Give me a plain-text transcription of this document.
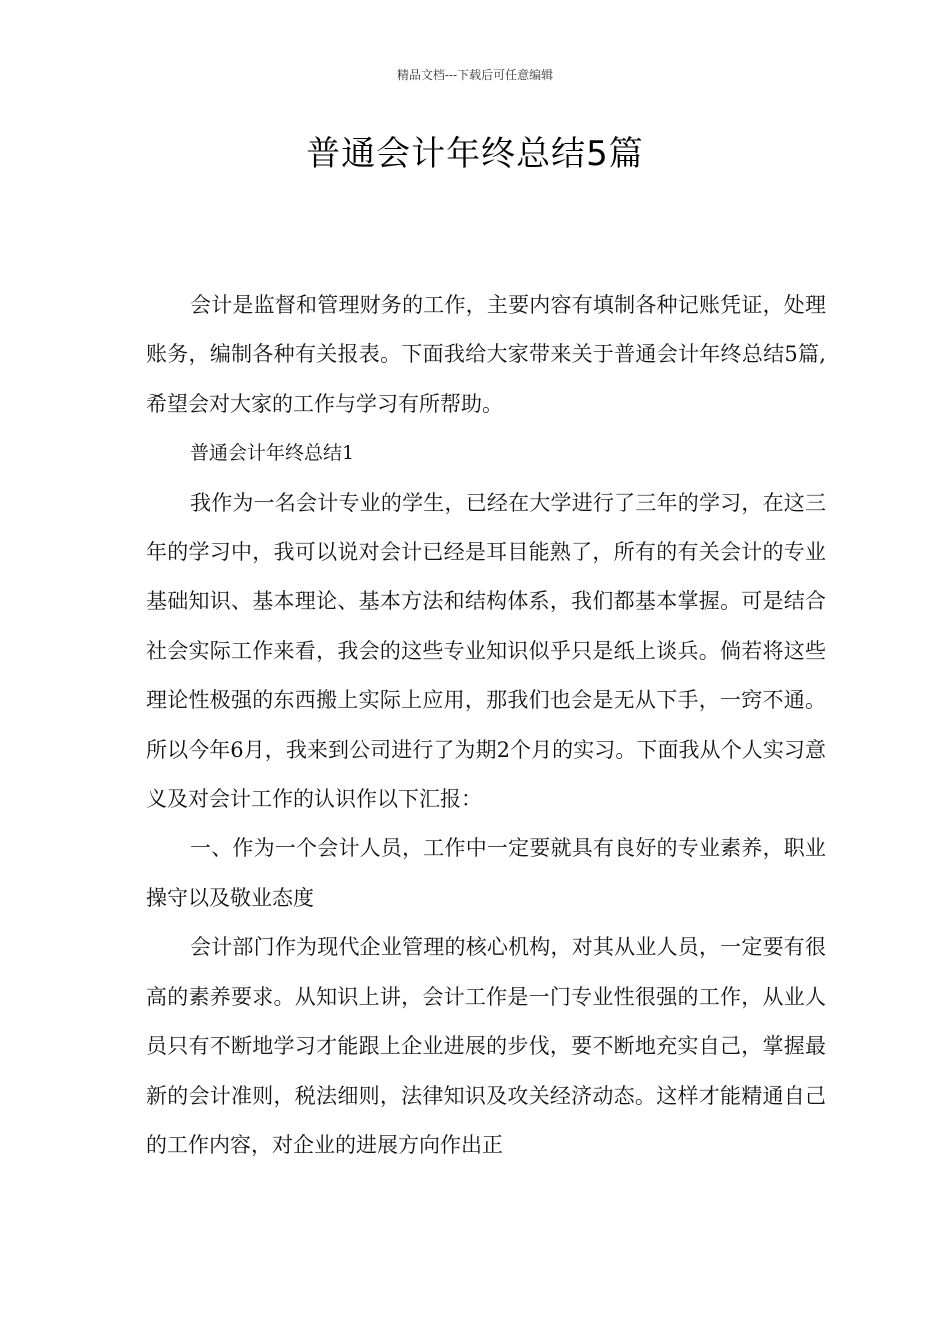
精品文档---下载后可任意编辑
普通会计年终总结5篇

会计是监督和管理财务的工作，主要内容有填制各种记账凭证，处理账务，编制各种有关报表。下面我给大家带来关于普通会计年终总结5篇,希望会对大家的工作与学习有所帮助。

普通会计年终总结1

我作为一名会计专业的学生，已经在大学进行了三年的学习，在这三年的学习中，我可以说对会计已经是耳目能熟了，所有的有关会计的专业基础知识、基本理论、基本方法和结构体系，我们都基本掌握。可是结合社会实际工作来看，我会的这些专业知识似乎只是纸上谈兵。倘若将这些理论性极强的东西搬上实际上应用，那我们也会是无从下手，一窍不通。所以今年6月，我来到公司进行了为期2个月的实习。下面我从个人实习意义及对会计工作的认识作以下汇报：

一、作为一个会计人员，工作中一定要就具有良好的专业素养，职业操守以及敬业态度

会计部门作为现代企业管理的核心机构，对其从业人员，一定要有很高的素养要求。从知识上讲，会计工作是一门专业性很强的工作，从业人员只有不断地学习才能跟上企业进展的步伐，要不断地充实自己，掌握最新的会计准则，税法细则，法律知识及攻关经济动态。这样才能精通自己的工作内容，对企业的进展方向作出正
